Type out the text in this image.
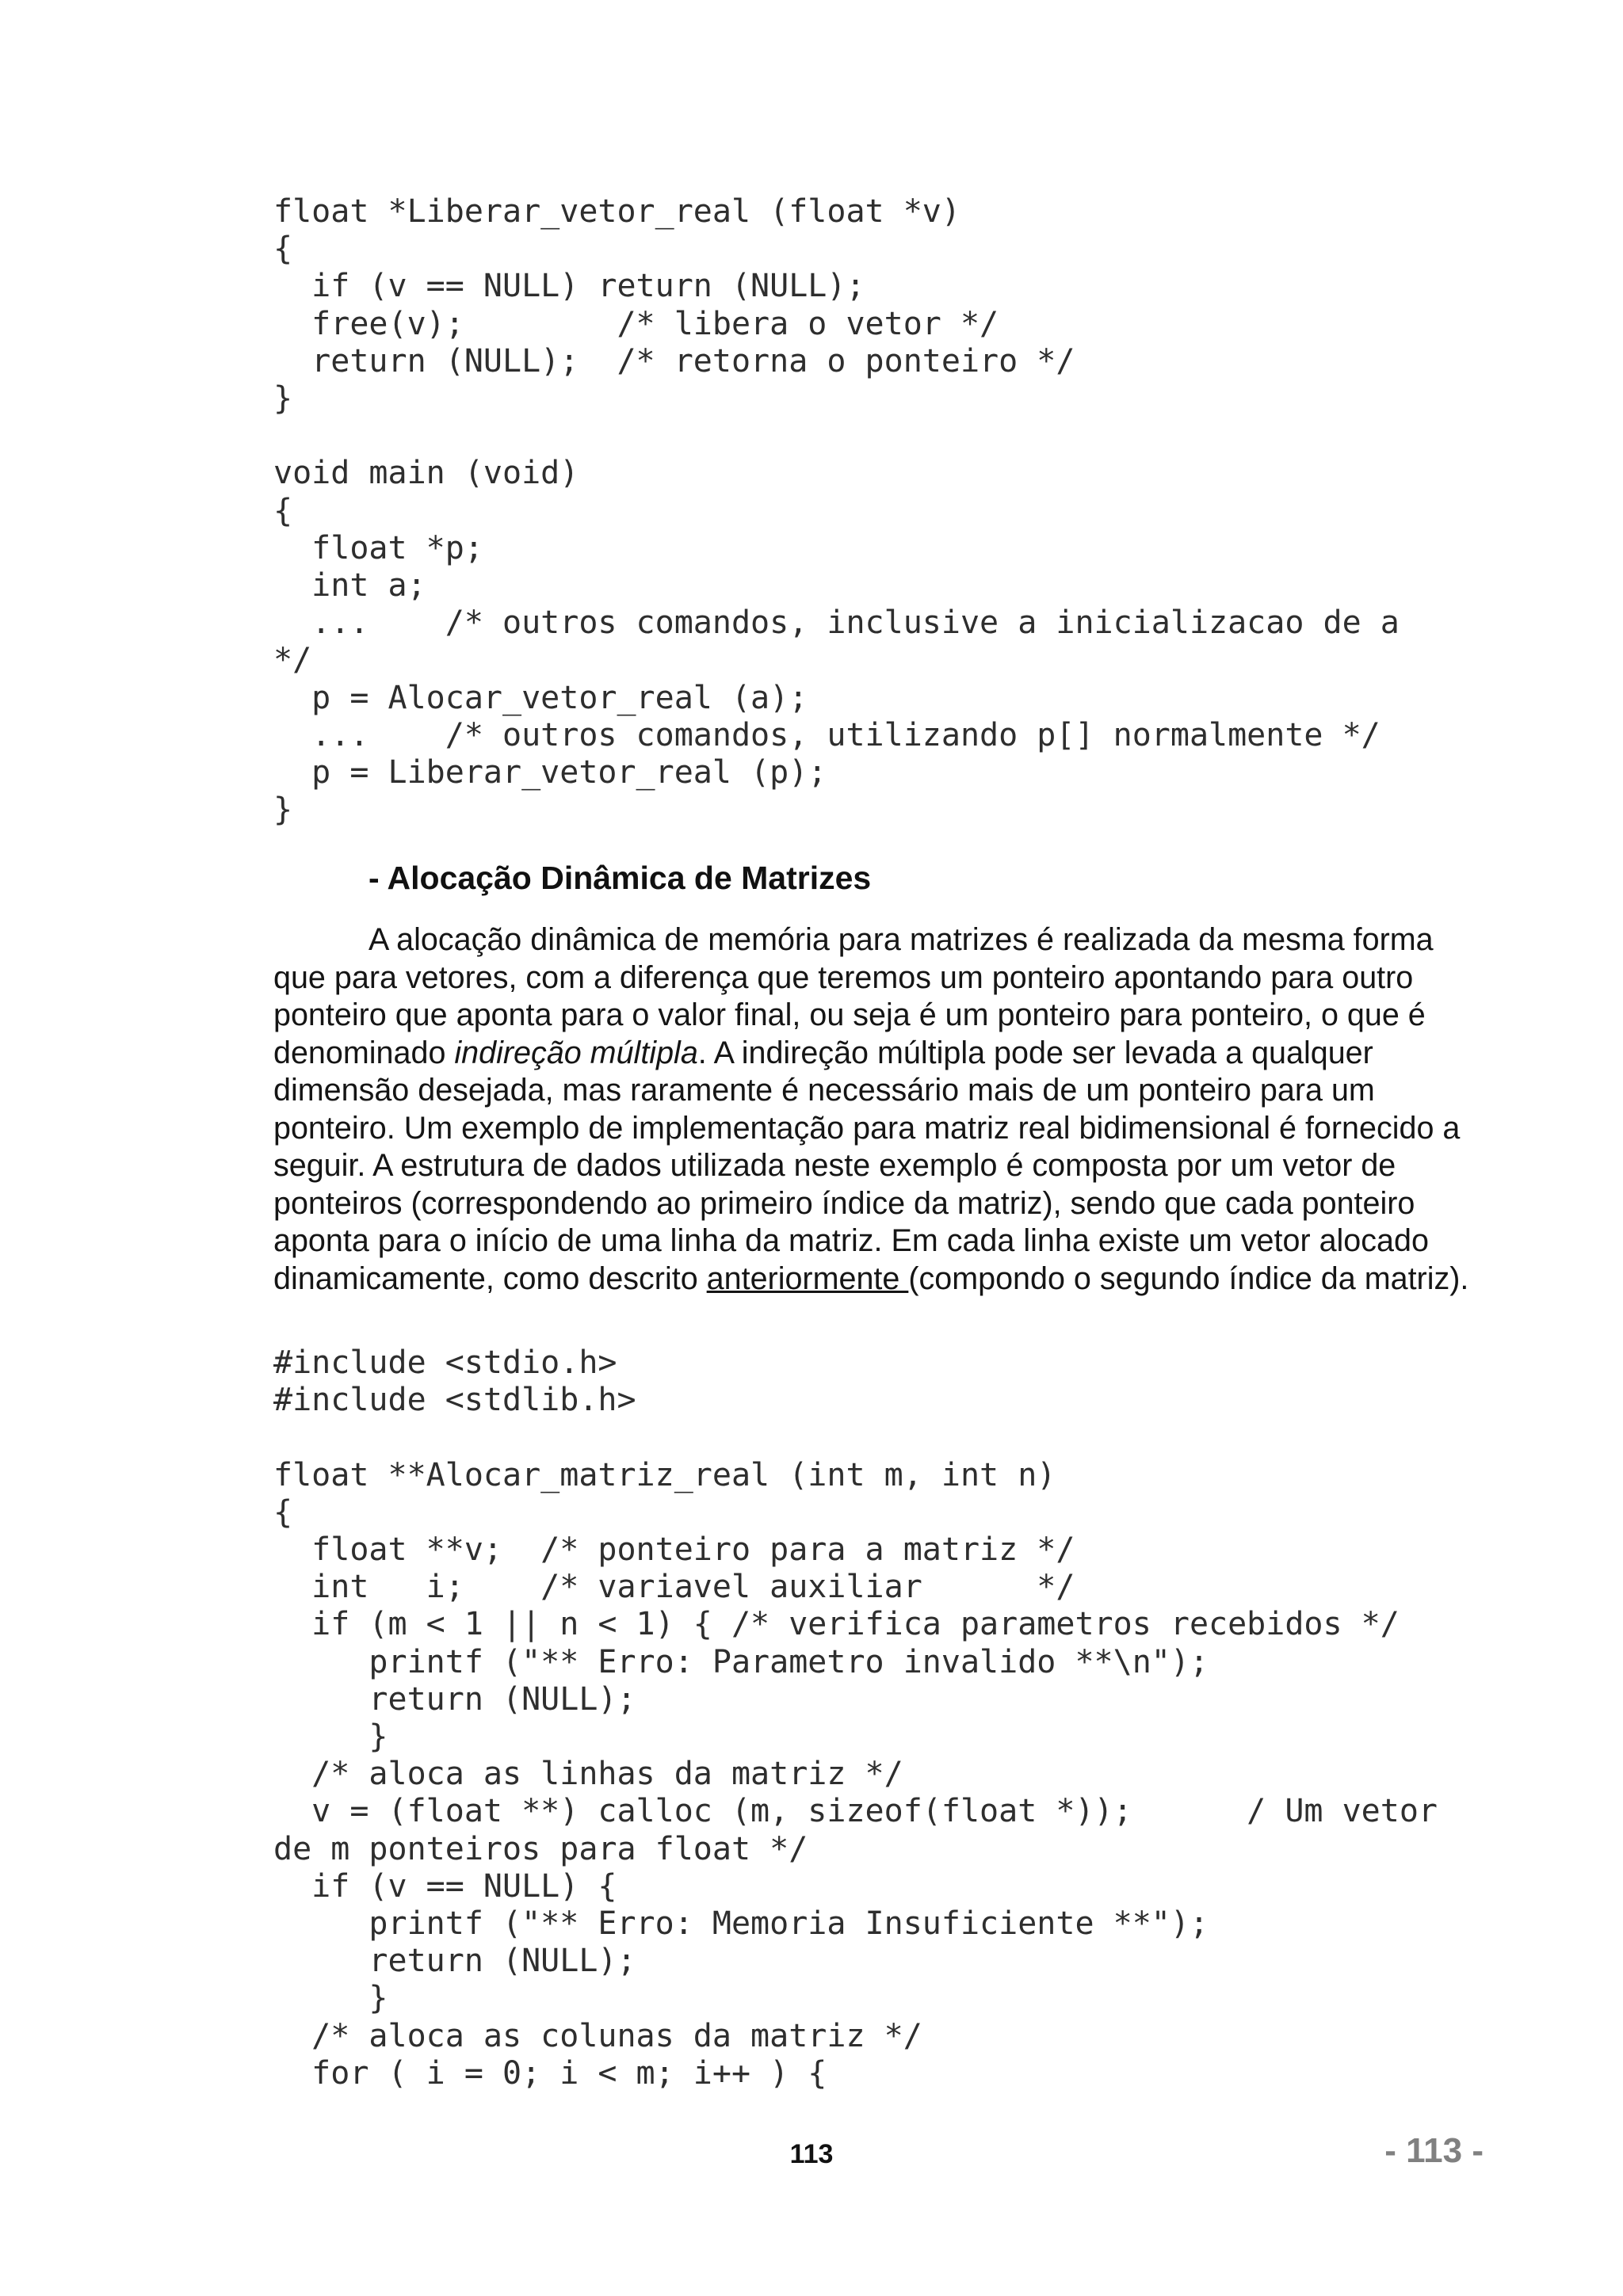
float *Liberar_vetor_real (float *v)
{
if (v == NULL) return (NULL);
free(v);        /* libera o vetor */
return (NULL);  /* retorna o ponteiro */
}

void main (void)
{
float *p;
int a;
...    /* outros comandos, inclusive a inicializacao de a
*/
p = Alocar_vetor_real (a);
...    /* outros comandos, utilizando p[] normalmente */
p = Liberar_vetor_real (p);
}
- Alocação Dinâmica de Matrizes

A alocação dinâmica de memória para matrizes é realizada da mesma forma que para vetores, com a diferença que teremos um ponteiro apontando para outro ponteiro que aponta para o valor final, ou seja é um ponteiro para ponteiro, o que é denominado indireção múltipla. A indireção múltipla pode ser levada a qualquer dimensão desejada, mas raramente é necessário mais de um ponteiro para um ponteiro. Um exemplo de implementação para matriz real bidimensional é fornecido a seguir. A estrutura de dados utilizada neste exemplo é composta por um vetor de ponteiros (correspondendo ao primeiro índice da matriz), sendo que cada ponteiro aponta para o início de uma linha da matriz. Em cada linha existe um vetor alocado dinamicamente, como descrito anteriormente (compondo o segundo índice da matriz).

#include <stdio.h>
#include <stdlib.h>

float **Alocar_matriz_real (int m, int n)
{
float **v;  /* ponteiro para a matriz */
int   i;    /* variavel auxiliar      */
if (m < 1 || n < 1) { /* verifica parametros recebidos */
printf ("** Erro: Parametro invalido **\n");
return (NULL);
}
/* aloca as linhas da matriz */
v = (float **) calloc (m, sizeof(float *));      / Um vetor
de m ponteiros para float */
if (v == NULL) {
printf ("** Erro: Memoria Insuficiente **");
return (NULL);
}
/* aloca as colunas da matriz */
for ( i = 0; i < m; i++ ) {
113	- 113 -
